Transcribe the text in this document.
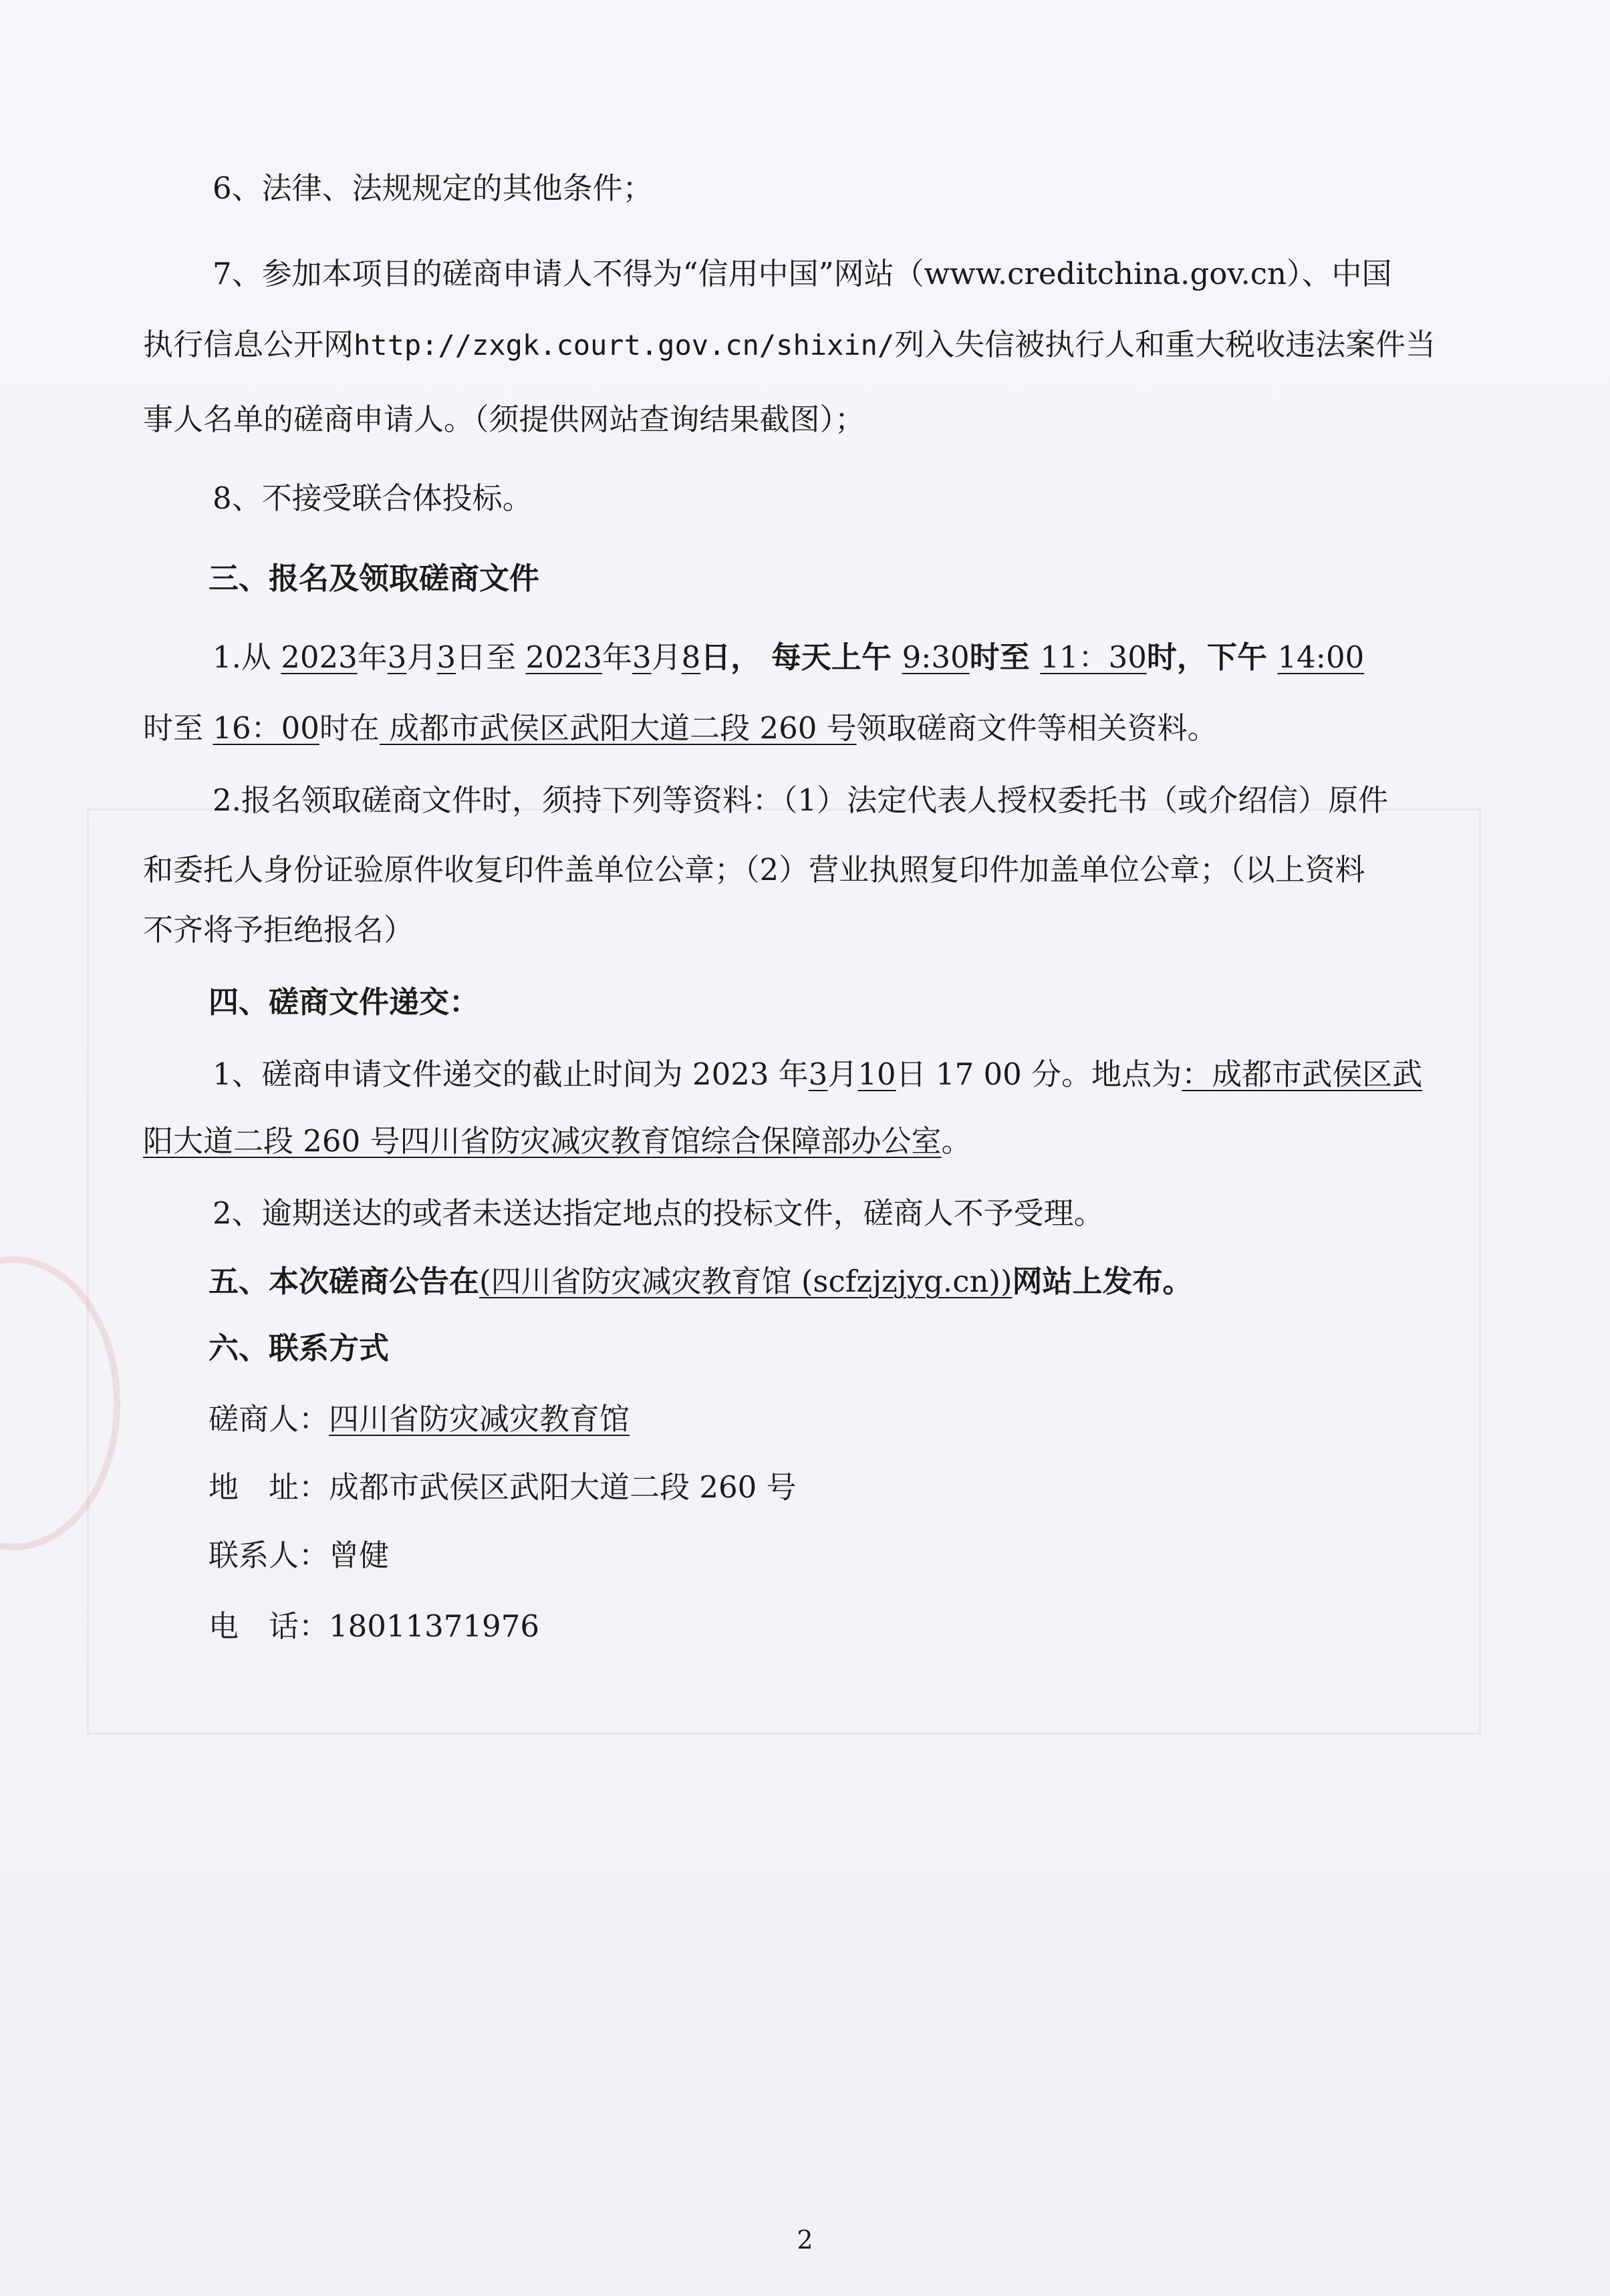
6、法律、法规规定的其他条件；
7、参加本项目的磋商申请人不得为“信用中国”网站（www.creditchina.gov.cn）、中国
执行信息公开网http://zxgk.court.gov.cn/shixin/列入失信被执行人和重大税收违法案件当
事人名单的磋商申请人。（须提供网站查询结果截图）；
8、不接受联合体投标。
三、报名及领取磋商文件
1.从 2023年3月3日至 2023年3月8日， 每天上午 9:30时至 11：30时，下午 14:00
时至 16：00时在 成都市武侯区武阳大道二段 260 号领取磋商文件等相关资料。
2.报名领取磋商文件时，须持下列等资料：（1）法定代表人授权委托书（或介绍信）原件
和委托人身份证验原件收复印件盖单位公章；（2）营业执照复印件加盖单位公章；（以上资料
不齐将予拒绝报名）
四、磋商文件递交：
1、磋商申请文件递交的截止时间为 2023 年3月10日 17 00 分。地点为：成都市武侯区武
阳大道二段 260 号四川省防灾减灾教育馆综合保障部办公室。
2、逾期送达的或者未送达指定地点的投标文件，磋商人不予受理。
五、本次磋商公告在(四川省防灾减灾教育馆 (scfzjzjyg.cn))网站上发布。
六、联系方式
磋商人：四川省防灾减灾教育馆
地　址：成都市武侯区武阳大道二段 260 号
联系人：曾健
电　话：18011371976
2
